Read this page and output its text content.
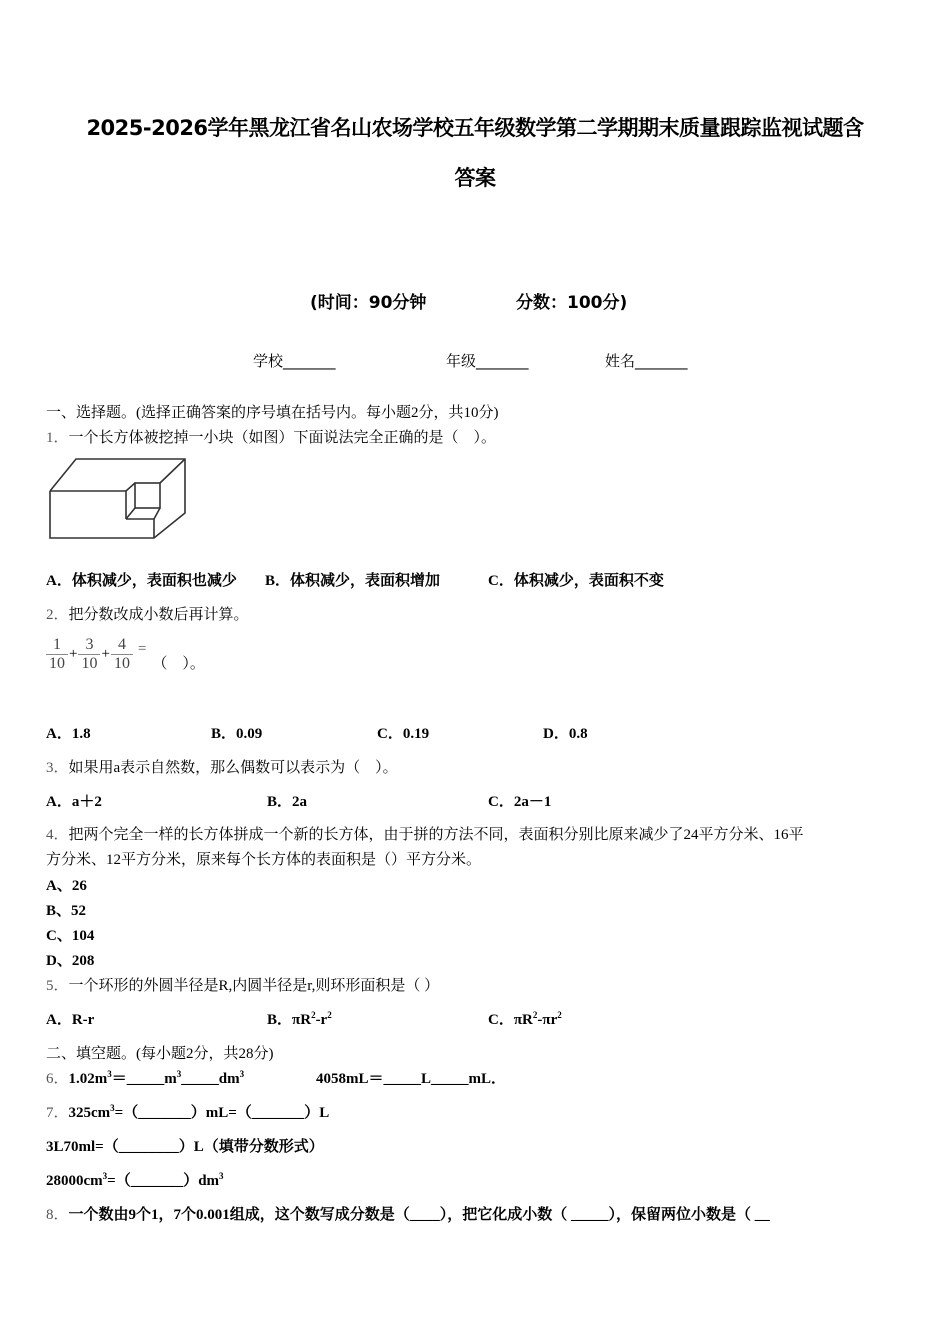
2025-2026学年黑龙江省名山农场学校五年级数学第二学期期末质量跟踪监视试题含
答案
(时间：90分钟	分数：100分)
学校_______	年级_______	姓名_______
一、选择题。(选择正确答案的序号填在括号内。每小题2分，共10分)
1．一个长方体被挖掉一小块（如图）下面说法完全正确的是（　）。
A．体积减少，表面积也减少 B．体积减少，表面积增加	C．体积减少，表面积不变
2．把分数改成小数后再计算。
$\frac{1}{10} + \frac{3}{10} + \frac{4}{10}$ = （　）。
A．1.8	B．0.09	C．0.19	D．0.8
3．如果用a表示自然数，那么偶数可以表示为（　）。
A．a＋2	B．2a	C．2a－1
4．把两个完全一样的长方体拼成一个新的长方体，由于拼的方法不同，表面积分别比原来减少了24平方分米、16平
方分米、12平方分米，原来每个长方体的表面积是（）平方分米。
A、26
B、52
C、104
D、208
5．一个环形的外圆半径是R,内圆半径是r,则环形面积是（ ）
A．R-r	B．$\pi R^2-r^2$	C．$\pi R^2-\pi r^2$
二、填空题。(每小题2分，共28分)
6．$1.02m^3=\_\_\_\_\_m^3\_\_\_\_\_dm^3$	4058mL＝_____L_____mL．
7．$325cm^3=(\_\_\_\_\_\_\_)mL=(\_\_\_\_\_\_\_)L$
3L70ml=（________）L（填带分数形式）
$28000cm^3=(\_\_\_\_\_\_\_)dm^3$
8．一个数由9个1，7个0.001组成，这个数写成分数是（____），把它化成小数（ _____），保留两位小数是（ __
